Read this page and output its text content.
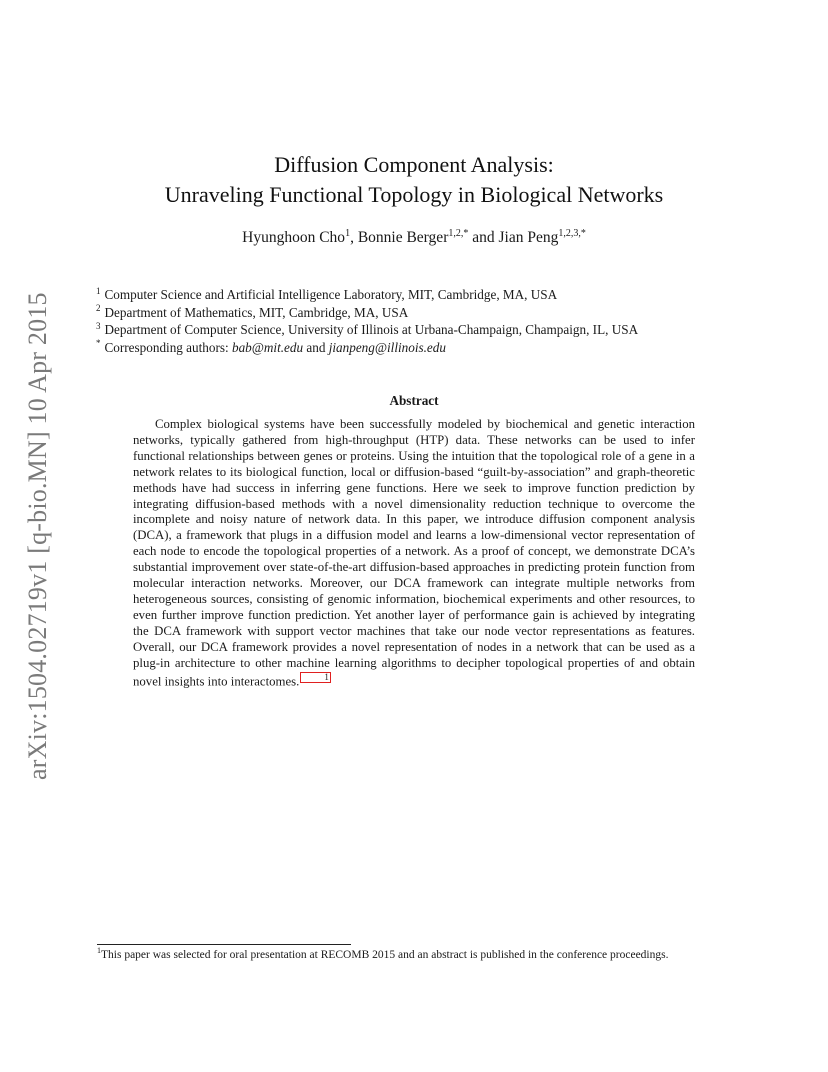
arXiv:1504.02719v1 [q-bio.MN] 10 Apr 2015
Diffusion Component Analysis:
Unraveling Functional Topology in Biological Networks
Hyunghoon Cho$^1$, Bonnie Berger$^{1,2,*}$ and Jian Peng$^{1,2,3,*}$
$^1$ Computer Science and Artificial Intelligence Laboratory, MIT, Cambridge, MA, USA
$^2$ Department of Mathematics, MIT, Cambridge, MA, USA
$^3$ Department of Computer Science, University of Illinois at Urbana-Champaign, Champaign, IL, USA
* Corresponding authors: bab@mit.edu and jianpeng@illinois.edu
Abstract
Complex biological systems have been successfully modeled by biochemical and genetic interaction networks, typically gathered from high-throughput (HTP) data. These networks can be used to infer functional relationships between genes or proteins. Using the intuition that the topological role of a gene in a network relates to its biological function, local or diffusion-based “guilt-by-association” and graph-theoretic methods have had success in inferring gene functions. Here we seek to improve function prediction by integrating diffusion-based methods with a novel dimensionality reduction technique to overcome the incomplete and noisy nature of network data. In this paper, we introduce diffusion component analysis (DCA), a framework that plugs in a diffusion model and learns a low-dimensional vector representation of each node to encode the topological properties of a network. As a proof of concept, we demonstrate DCA’s substantial improvement over state-of-the-art diffusion-based approaches in predicting protein function from molecular interaction networks. Moreover, our DCA framework can integrate multiple networks from heterogeneous sources, consisting of genomic information, biochemical experiments and other resources, to even further improve function prediction. Yet another layer of performance gain is achieved by integrating the DCA framework with support vector machines that take our node vector representations as features. Overall, our DCA framework provides a novel representation of nodes in a network that can be used as a plug-in architecture to other machine learning algorithms to decipher topological properties of and obtain novel insights into interactomes.	1
$^1$This paper was selected for oral presentation at RECOMB 2015 and an abstract is published in the conference proceedings.
